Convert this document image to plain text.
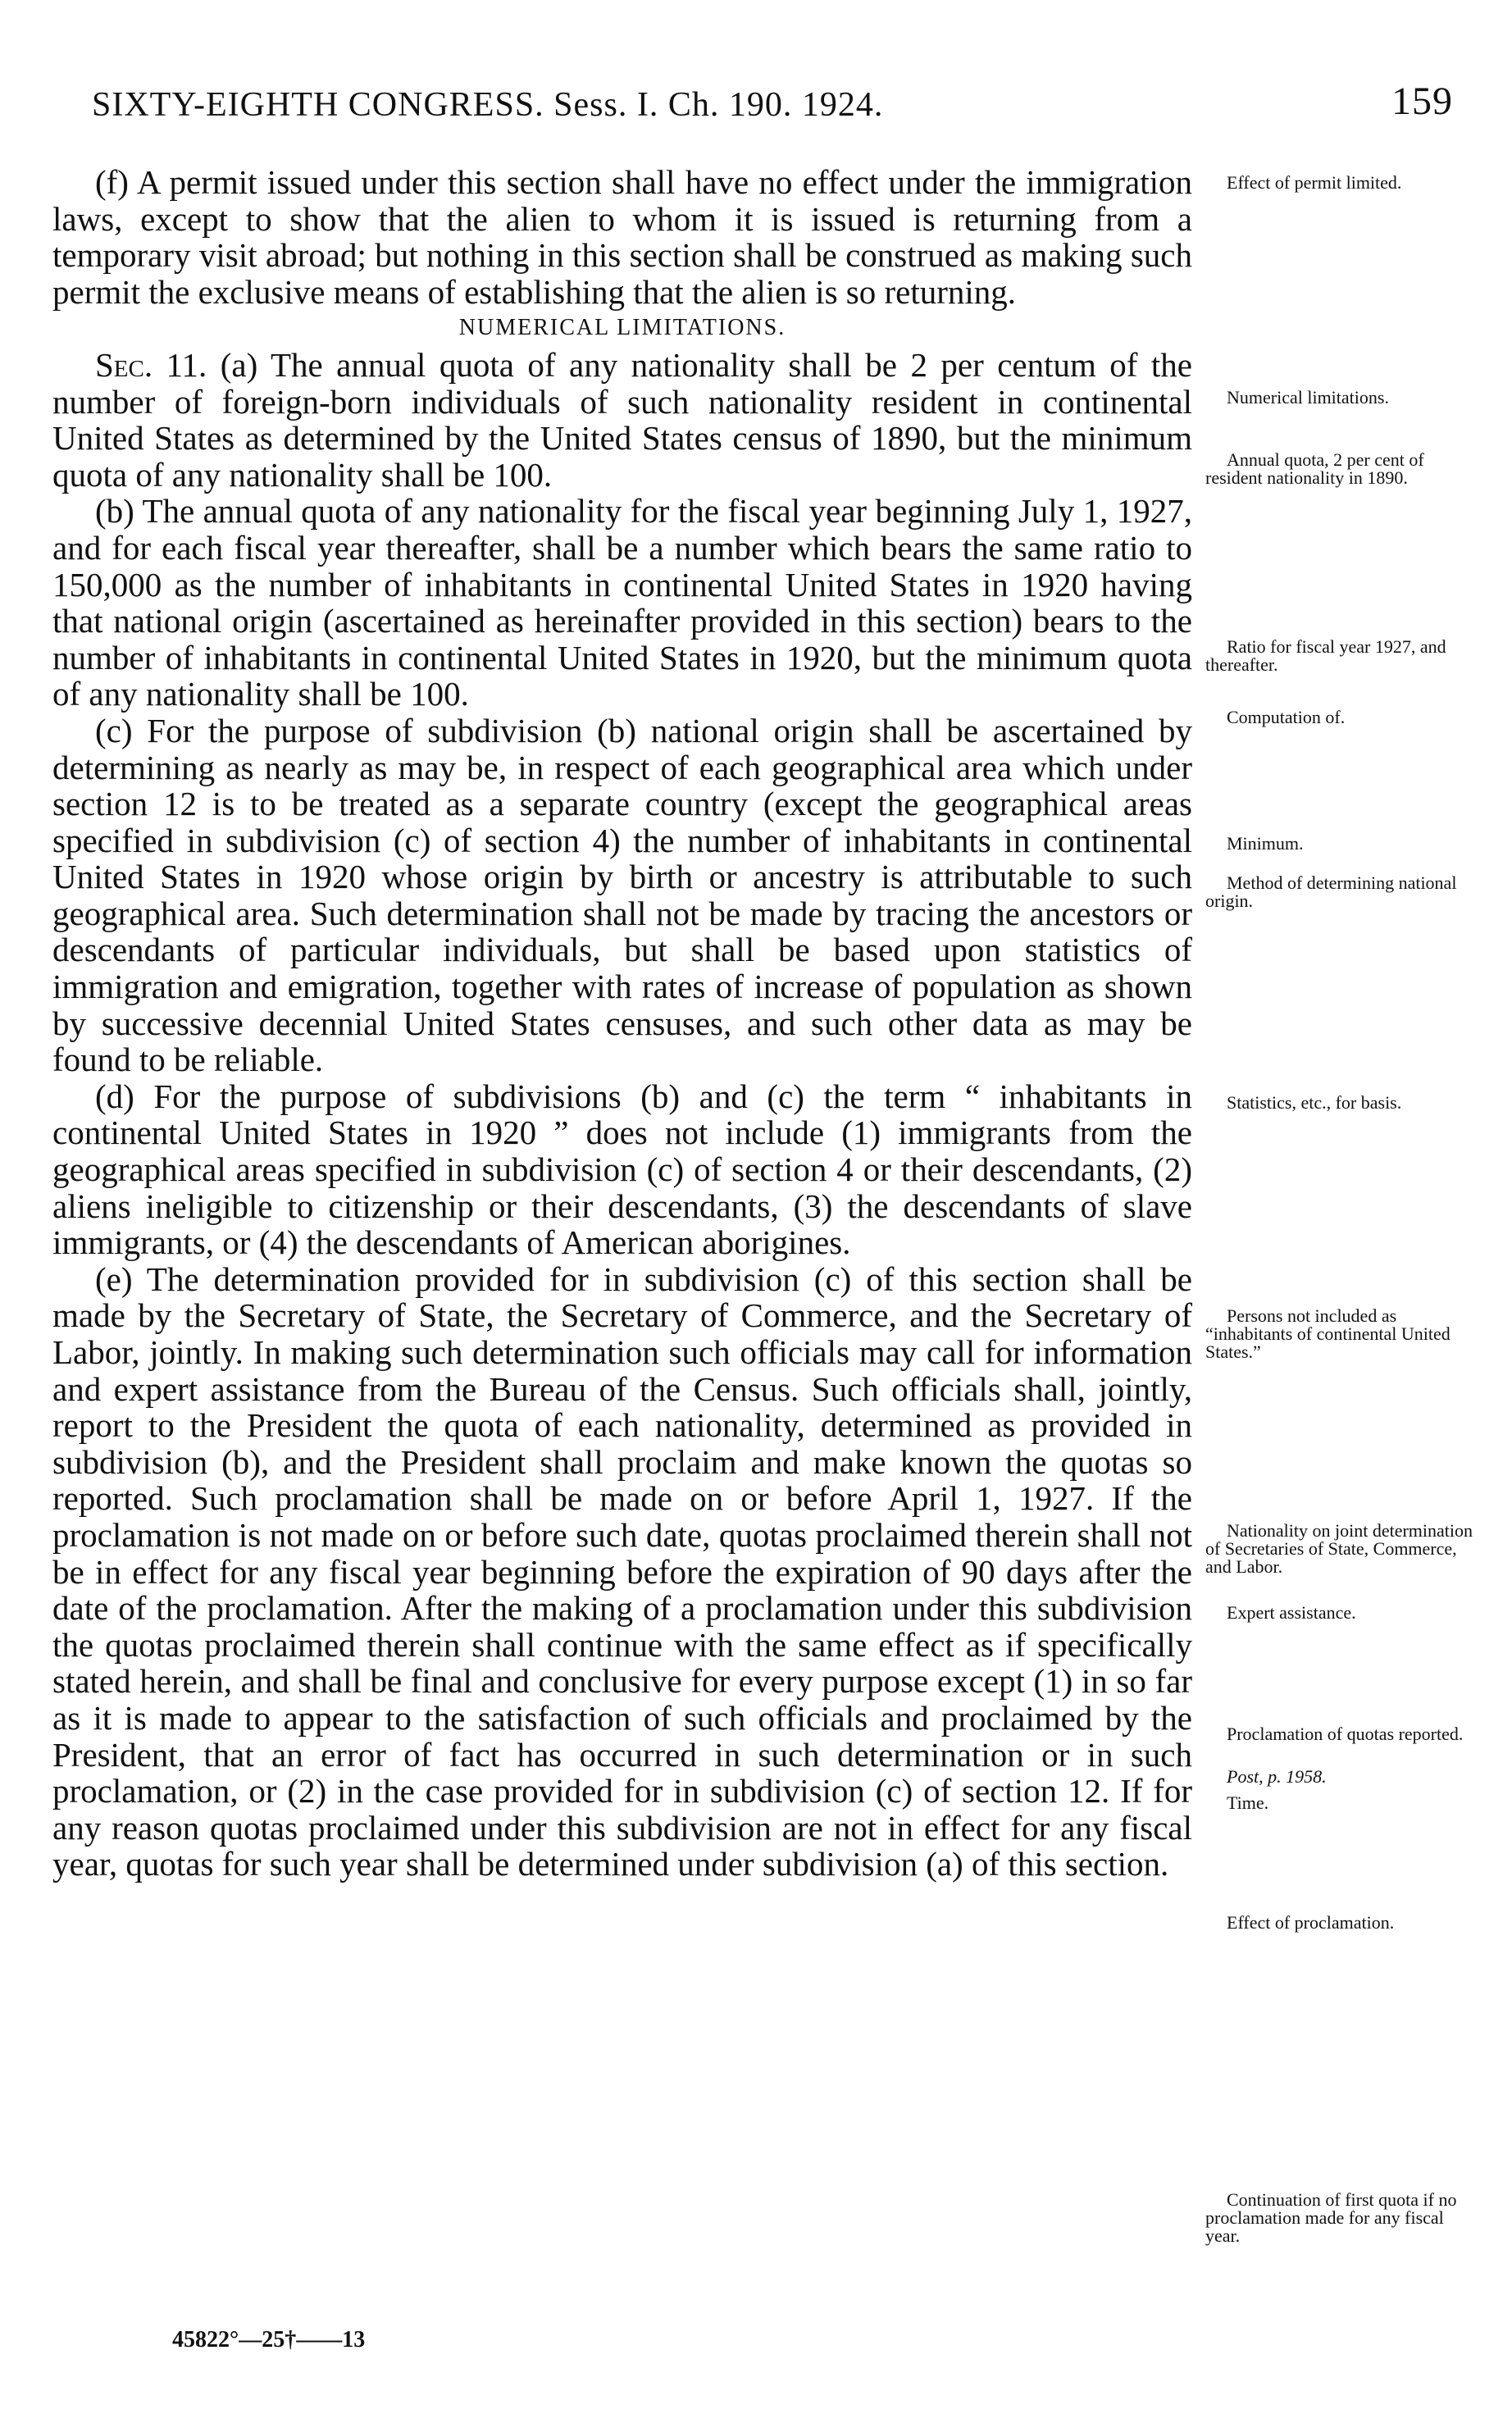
SIXTY-EIGHTH CONGRESS. Sess. I. Ch. 190. 1924.	159

(f) A permit issued under this section shall have no effect under the immigration laws, except to show that the alien to whom it is issued is returning from a temporary visit abroad; but nothing in this section shall be construed as making such permit the exclusive means of establishing that the alien is so returning.

NUMERICAL LIMITATIONS.

Sec. 11. (a) The annual quota of any nationality shall be 2 per centum of the number of foreign-born individuals of such nationality resident in continental United States as determined by the United States census of 1890, but the minimum quota of any nationality shall be 100.

(b) The annual quota of any nationality for the fiscal year beginning July 1, 1927, and for each fiscal year thereafter, shall be a number which bears the same ratio to 150,000 as the number of inhabitants in continental United States in 1920 having that national origin (ascertained as hereinafter provided in this section) bears to the number of inhabitants in continental United States in 1920, but the minimum quota of any nationality shall be 100.

(c) For the purpose of subdivision (b) national origin shall be ascertained by determining as nearly as may be, in respect of each geographical area which under section 12 is to be treated as a separate country (except the geographical areas specified in subdivision (c) of section 4) the number of inhabitants in continental United States in 1920 whose origin by birth or ancestry is attributable to such geographical area. Such determination shall not be made by tracing the ancestors or descendants of particular individuals, but shall be based upon statistics of immigration and emigration, together with rates of increase of population as shown by successive decennial United States censuses, and such other data as may be found to be reliable.

(d) For the purpose of subdivisions (b) and (c) the term “ inhabitants in continental United States in 1920 ” does not include (1) immigrants from the geographical areas specified in subdivision (c) of section 4 or their descendants, (2) aliens ineligible to citizenship or their descendants, (3) the descendants of slave immigrants, or (4) the descendants of American aborigines.

(e) The determination provided for in subdivision (c) of this section shall be made by the Secretary of State, the Secretary of Commerce, and the Secretary of Labor, jointly. In making such determination such officials may call for information and expert assistance from the Bureau of the Census. Such officials shall, jointly, report to the President the quota of each nationality, determined as provided in subdivision (b), and the President shall proclaim and make known the quotas so reported. Such proclamation shall be made on or before April 1, 1927. If the proclamation is not made on or before such date, quotas proclaimed therein shall not be in effect for any fiscal year beginning before the expiration of 90 days after the date of the proclamation. After the making of a proclamation under this subdivision the quotas proclaimed therein shall continue with the same effect as if specifically stated herein, and shall be final and conclusive for every purpose except (1) in so far as it is made to appear to the satisfaction of such officials and proclaimed by the President, that an error of fact has occurred in such determination or in such proclamation, or (2) in the case provided for in subdivision (c) of section 12. If for any reason quotas proclaimed under this subdivision are not in effect for any fiscal year, quotas for such year shall be determined under subdivision (a) of this section.

Effect of permit limited.
Numerical limitations.
Annual quota, 2 per cent of resident nationality in 1890.
Ratio for fiscal year 1927, and thereafter.
Computation of.
Minimum.
Method of determining national origin.
Statistics, etc., for basis.
Persons not included as “inhabitants of continental United States.”
Nationality on joint determination of Secretaries of State, Commerce, and Labor.
Expert assistance.
Proclamation of quotas reported.
Post, p. 1958.
Time.
Effect of proclamation.
Continuation of first quota if no proclamation made for any fiscal year.
45822°—25†——13
